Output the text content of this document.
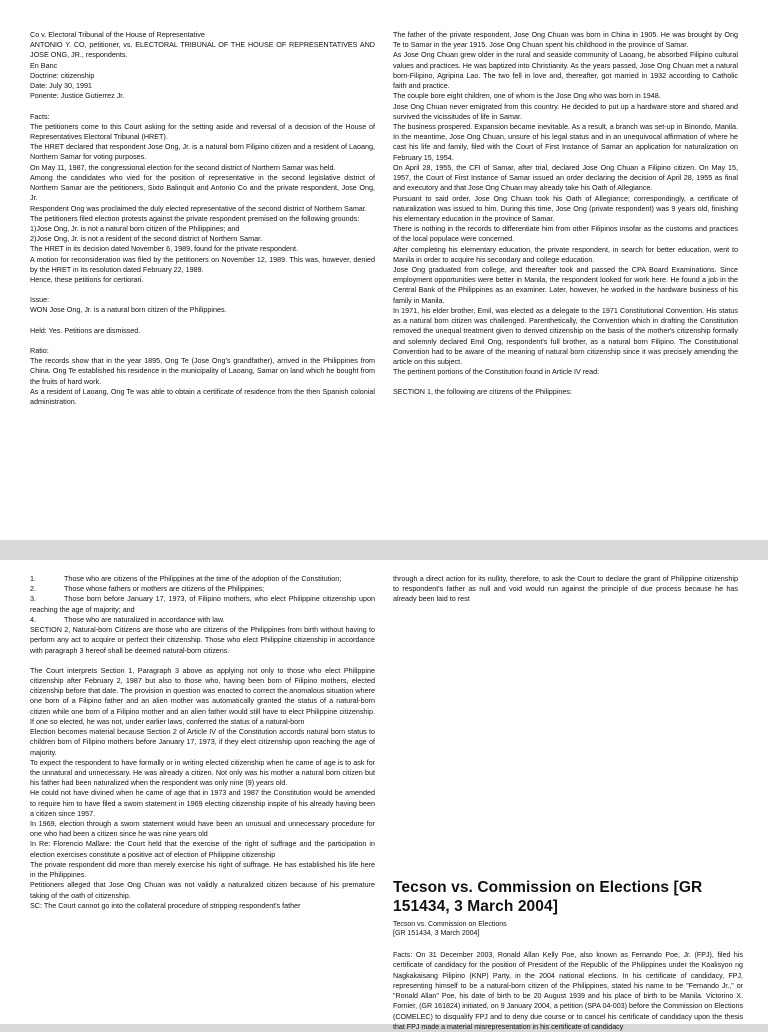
Co v. Electoral Tribunal of the House of Representative

ANTONIO Y. CO, petitioner, vs. ELECTORAL TRIBUNAL OF THE HOUSE OF REPRESENTATIVES AND JOSE ONG, JR., respondents.

En Banc

Doctrine: citizenship

Date: July 30, 1991

Ponente: Justice Gutierrez Jr.

Facts:

The petitioners come to this Court asking for the setting aside and reversal of a decision of the House of Representatives Electoral Tribunal (HRET).

The HRET declared that respondent Jose Ong, Jr. is a natural born Filipino citizen and a resident of Laoang, Northern Samar for voting purposes.

On May 11, 1987, the congressional election for the second district of Northern Samar was held.

Among the candidates who vied for the position of representative in the second legislative district of Northern Samar are the petitioners, Sixto Balinquit and Antonio Co and the private respondent, Jose Ong, Jr.

Respondent Ong was proclaimed the duly elected representative of the second district of Northern Samar.

The petitioners filed election protests against the private respondent premised on the following grounds:

1)Jose Ong, Jr. is not a natural born citizen of the Philippines; and

2)Jose Ong, Jr. is not a resident of the second district of Northern Samar.

The HRET in its decision dated November 6, 1989, found for the private respondent.

A motion for reconsideration was filed by the petitioners on November 12, 1989. This was, however, denied by the HRET in its resolution dated February 22, 1989.

Hence, these petitions for certiorari.

Issue:

WON Jose Ong, Jr. is a natural born citizen of the Philippines.

Held: Yes. Petitions are dismissed.

Ratio:

The records show that in the year 1895, Ong Te (Jose Ong's grandfather), arrived in the Philippines from China. Ong Te established his residence in the municipality of Laoang, Samar on land which he bought from the fruits of hard work.

As a resident of Laoang, Ong Te was able to obtain a certificate of residence from the then Spanish colonial administration.

The father of the private respondent, Jose Ong Chuan was born in China in 1905. He was brought by Ong Te to Samar in the year 1915. Jose Ong Chuan spent his childhood in the province of Samar.

As Jose Ong Chuan grew older in the rural and seaside community of Laoang, he absorbed Filipino cultural values and practices. He was baptized into Christianity. As the years passed, Jose Ong Chuan met a natural born-Filipino, Agripina Lao. The two fell in love and, thereafter, got married in 1932 according to Catholic faith and practice.

The couple bore eight children, one of whom is the Jose Ong who was born in 1948.

Jose Ong Chuan never emigrated from this country. He decided to put up a hardware store and shared and survived the vicissitudes of life in Samar.

The business prospered. Expansion became inevitable. As a result, a branch was set-up in Binondo, Manila. In the meantime, Jose Ong Chuan, unsure of his legal status and in an unequivocal affirmation of where he cast his life and family, filed with the Court of First Instance of Samar an application for naturalization on February 15, 1954.

On April 28, 1955, the CFI of Samar, after trial, declared Jose Ong Chuan a Filipino citizen. On May 15, 1957, the Court of First Instance of Samar issued an order declaring the decision of April 28, 1955 as final and executory and that Jose Ong Chuan may already take his Oath of Allegiance.

Pursuant to said order, Jose Ong Chuan took his Oath of Allegiance; correspondingly, a certificate of naturalization was issued to him. During this time, Jose Ong (private respondent) was 9 years old, finishing his elementary education in the province of Samar.

There is nothing in the records to differentiate him from other Filipinos insofar as the customs and practices of the local populace were concerned.

After completing his elementary education, the private respondent, in search for better education, went to Manila in order to acquire his secondary and college education.

Jose Ong graduated from college, and thereafter took and passed the CPA Board Examinations. Since employment opportunities were better in Manila, the respondent looked for work here. He found a job in the Central Bank of the Philippines as an examiner. Later, however, he worked in the hardware business of his family in Manila.

In 1971, his elder brother, Emil, was elected as a delegate to the 1971 Constitutional Convention. His status as a natural born citizen was challenged. Parenthetically, the Convention which in drafting the Constitution removed the unequal treatment given to derived citizenship on the basis of the mother's citizenship formally and solemnly declared Emil Ong, respondent's full brother, as a natural born Filipino. The Constitutional Convention had to be aware of the meaning of natural born citizenship since it was precisely amending the article on this subject.

The pertinent portions of the Constitution found in Article IV read:

SECTION 1, the following are citizens of the Philippines:

1.	Those who are citizens of the Philippines at the time of the adoption of the Constitution;

2.	Those whose fathers or mothers are citizens of the Philippines;

3.	Those born before January 17, 1973, of Filipino mothers, who elect Philippine citizenship upon reaching the age of majority; and

4.	Those who are naturalized in accordance with law.

SECTION 2, Natural-born Citizens are those who are citizens of the Philippines from birth without having to perform any act to acquire or perfect their citizenship. Those who elect Philippine citizenship in accordance with paragraph 3 hereof shall be deemed natural-born citizens.

The Court interprets Section 1, Paragraph 3 above as applying not only to those who elect Philippine citizenship after February 2, 1987 but also to those who, having been born of Filipino mothers, elected citizenship before that date. The provision in question was enacted to correct the anomalous situation where one born of a Filipino father and an alien mother was automatically granted the status of a natural-born citizen while one born of a Filipino mother and an alien father would still have to elect Philippine citizenship. If one so elected, he was not, under earlier laws, conferred the status of a natural-born

Election becomes material because Section 2 of Article IV of the Constitution accords natural born status to children born of Filipino mothers before January 17, 1973, if they elect citizenship upon reaching the age of majority.

To expect the respondent to have formally or in writing elected citizenship when he came of age is to ask for the unnatural and unnecessary. He was already a citizen. Not only was his mother a natural born citizen but his father had been naturalized when the respondent was only nine (9) years old.

He could not have divined when he came of age that in 1973 and 1987 the Constitution would be amended to require him to have filed a sworn statement in 1969 electing citizenship inspite of his already having been a citizen since 1957.

In 1969, election through a sworn statement would have been an unusual and unnecessary procedure for one who had been a citizen since he was nine years old

In Re: Florencio Mallare: the Court held that the exercise of the right of suffrage and the participation in election exercises constitute a positive act of election of Philippine citizenship

The private respondent did more than merely exercise his right of suffrage. He has established his life here in the Philippines.

Petitioners alleged that Jose Ong Chuan was not validly a naturalized citizen because of his premature taking of the oath of citizenship.

SC: The Court cannot go into the collateral procedure of stripping respondent's father

through a direct action for its nullity, therefore, to ask the Court to declare the grant of Philippine citizenship to respondent's father as null and void would run against the principle of due process because he has already been laid to rest

Tecson vs. Commission on Elections [GR 151434, 3 March 2004]

Tecson vs. Commission on Elections

[GR 151434, 3 March 2004]

Facts: On 31 December 2003, Ronald Allan Kelly Poe, also known as Fernando Poe, Jr. (FPJ), filed his certificate of candidacy for the position of President of the Republic of the Philippines under the Koalisyon ng Nagkakaisang Pilipino (KNP) Party, in the 2004 national elections. In his certificate of candidacy, FPJ, representing himself to be a natural-born citizen of the Philippines, stated his name to be "Fernando Jr.," or "Ronald Allan" Poe, his date of birth to be 20 August 1939 and his place of birth to be Manila. Victorino X. Fornier, (GR 161824) initiated, on 9 January 2004, a petition (SPA 04-003) before the Commission on Elections (COMELEC) to disqualify FPJ and to deny due course or to cancel his certificate of candidacy upon the thesis that FPJ made a material misrepresentation in his certificate of candidacy
